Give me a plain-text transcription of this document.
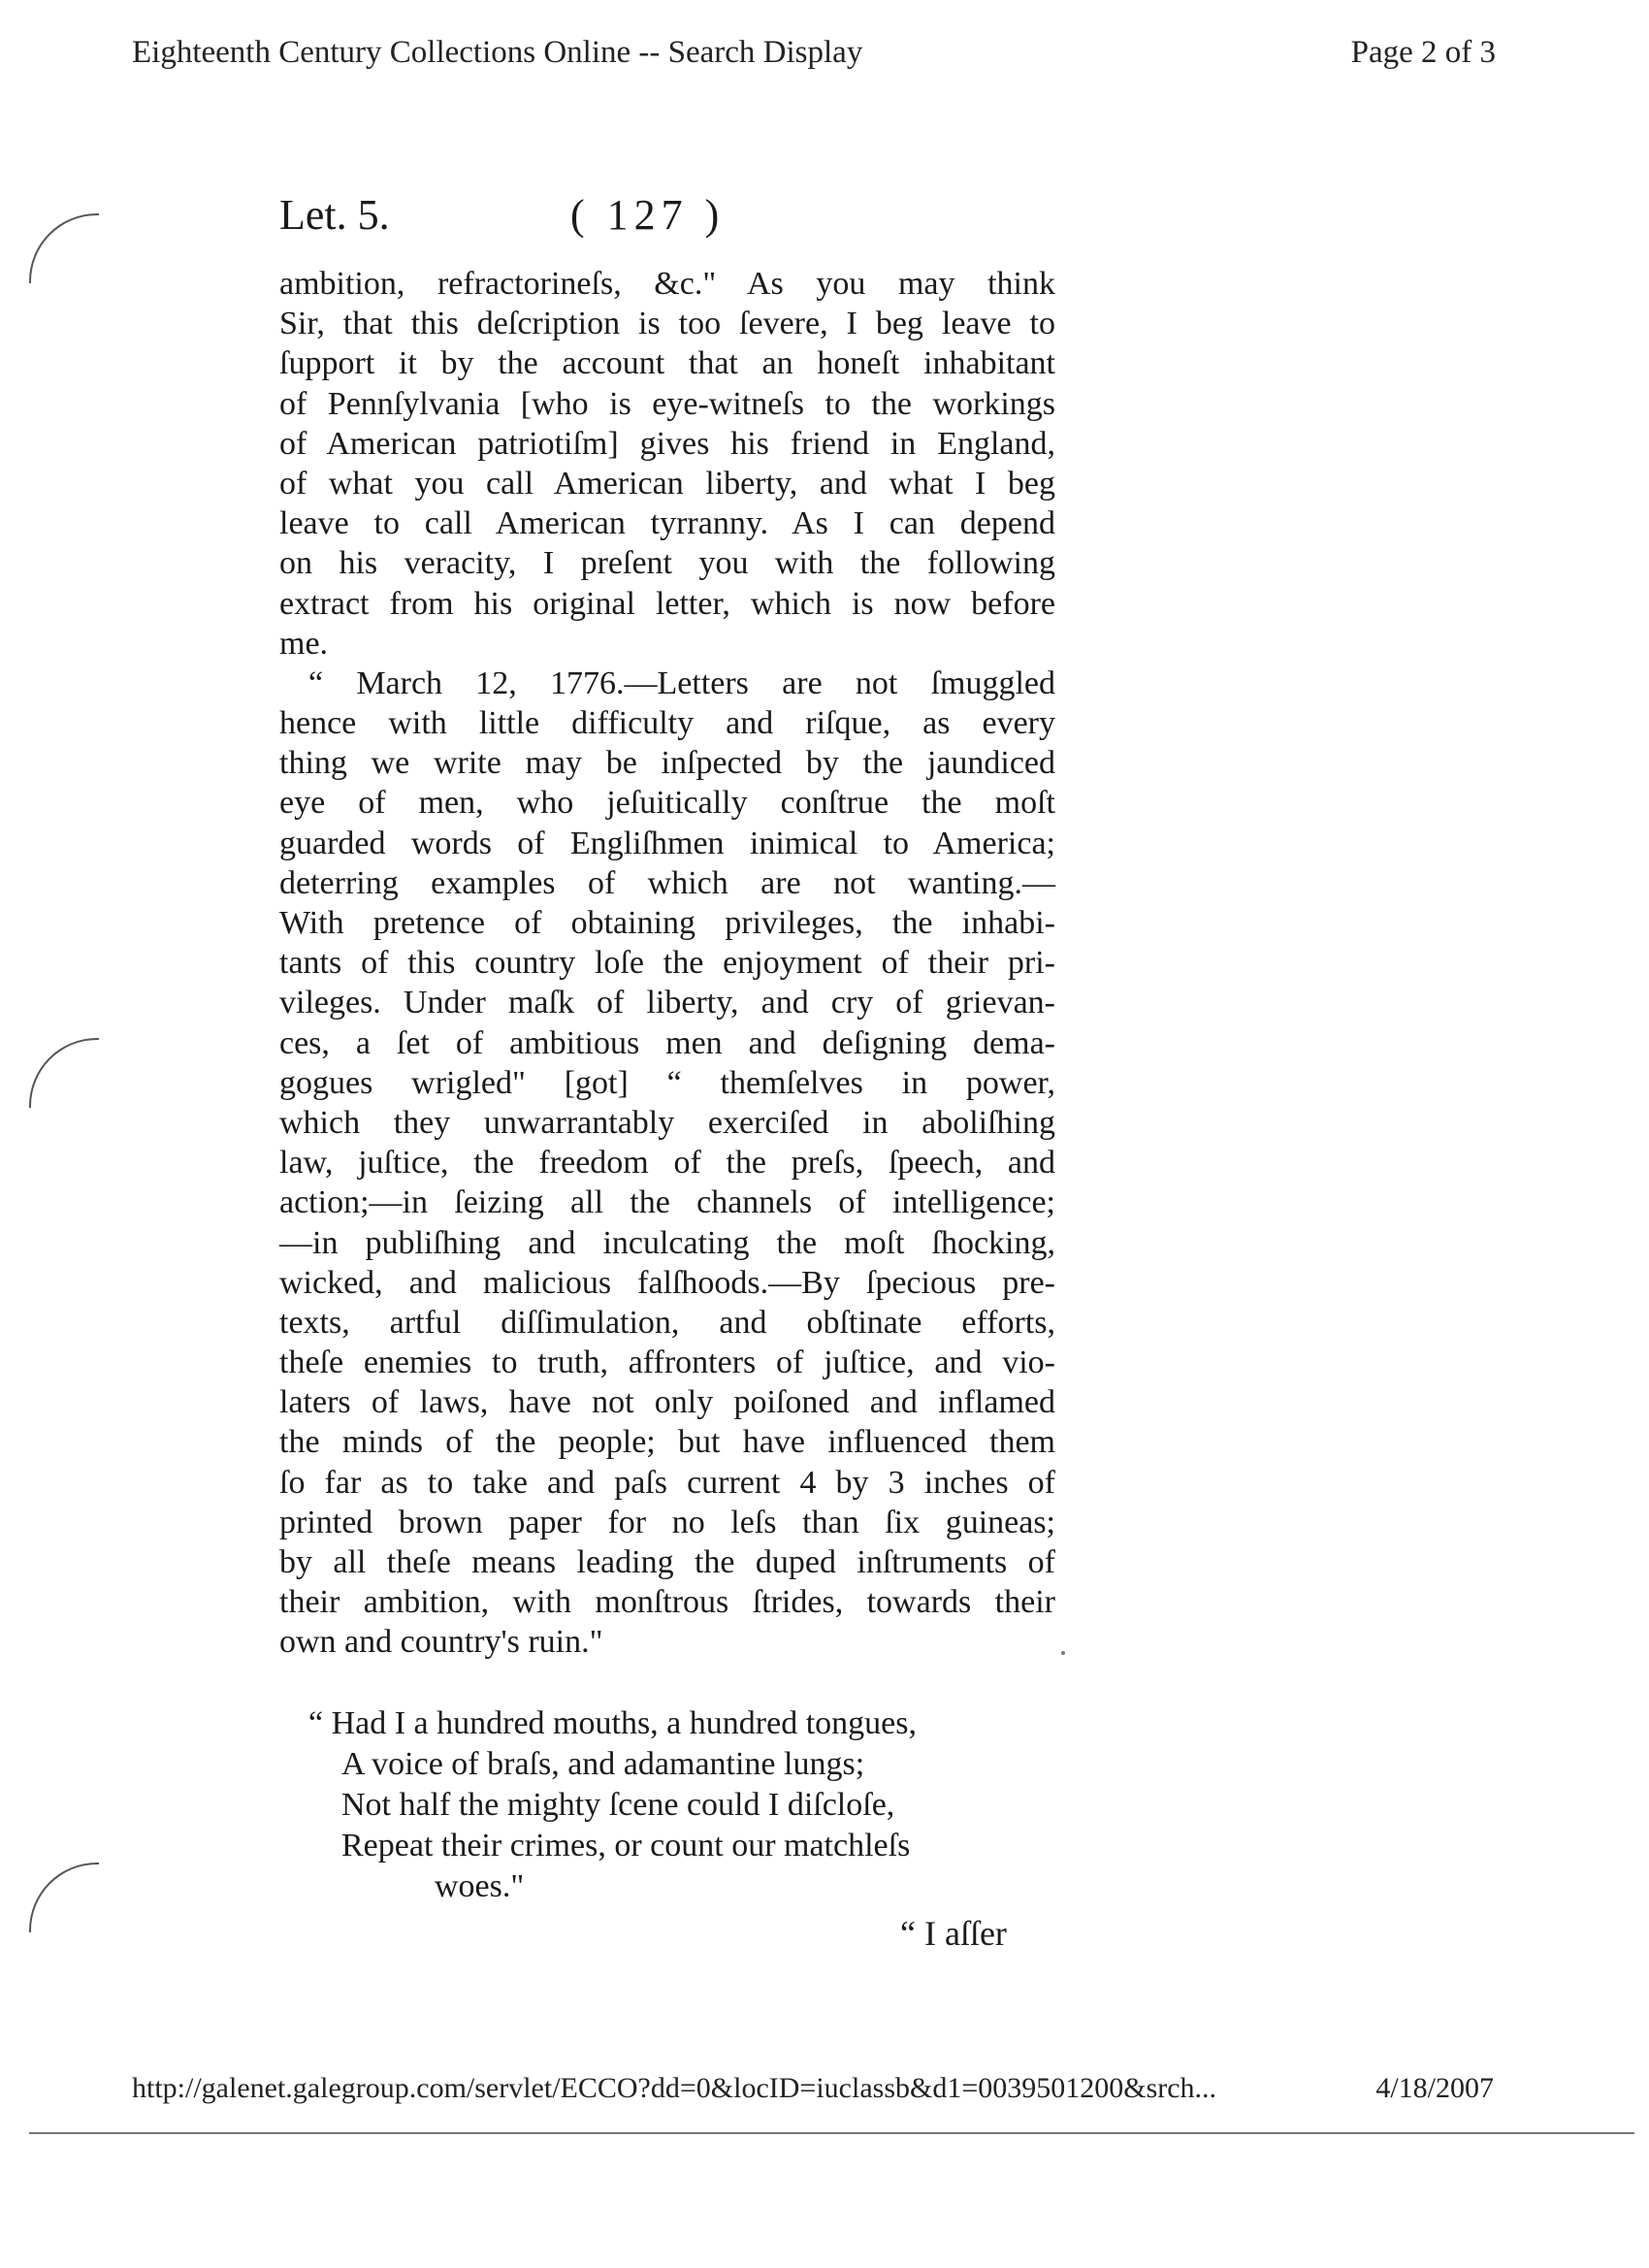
Eighteenth Century Collections Online -- Search Display	Page 2 of 3
Let. 5.	( 127 )
ambition, refractorineſs, &c." As you may think
Sir, that this deſcription is too ſevere, I beg leave to
ſupport it by the account that an honeſt inhabitant
of Pennſylvania [who is eye-witneſs to the workings
of American patriotiſm] gives his friend in England,
of what you call American liberty, and what I beg
leave to call American tyrranny. As I can depend
on his veracity, I preſent you with the following
extract from his original letter, which is now before
me.
“ March 12, 1776.—Letters are not ſmuggled
hence with little difficulty and riſque, as every
thing we write may be inſpected by the jaundiced
eye of men, who jeſuitically conſtrue the moſt
guarded words of Engliſhmen inimical to America;
deterring examples of which are not wanting.—
With pretence of obtaining privileges, the inhabi-
tants of this country loſe the enjoyment of their pri-
vileges. Under maſk of liberty, and cry of grievan-
ces, a ſet of ambitious men and deſigning dema-
gogues wrigled" [got] “ themſelves in power,
which they unwarrantably exerciſed in aboliſhing
law, juſtice, the freedom of the preſs, ſpeech, and
action;—in ſeizing all the channels of intelligence;
—in publiſhing and inculcating the moſt ſhocking,
wicked, and malicious falſhoods.—By ſpecious pre-
texts, artful diſſimulation, and obſtinate efforts,
theſe enemies to truth, affronters of juſtice, and vio-
laters of laws, have not only poiſoned and inflamed
the minds of the people; but have influenced them
ſo far as to take and paſs current 4 by 3 inches of
printed brown paper for no leſs than ſix guineas;
by all theſe means leading the duped inſtruments of
their ambition, with monſtrous ſtrides, towards their
own and country's ruin."
“ Had I a hundred mouths, a hundred tongues,
A voice of braſs, and adamantine lungs;
Not half the mighty ſcene could I diſcloſe,
Repeat their crimes, or count our matchleſs
woes."
“ I aſſer
http://galenet.galegroup.com/servlet/ECCO?dd=0&locID=iuclassb&d1=0039501200&srch...	4/18/2007
